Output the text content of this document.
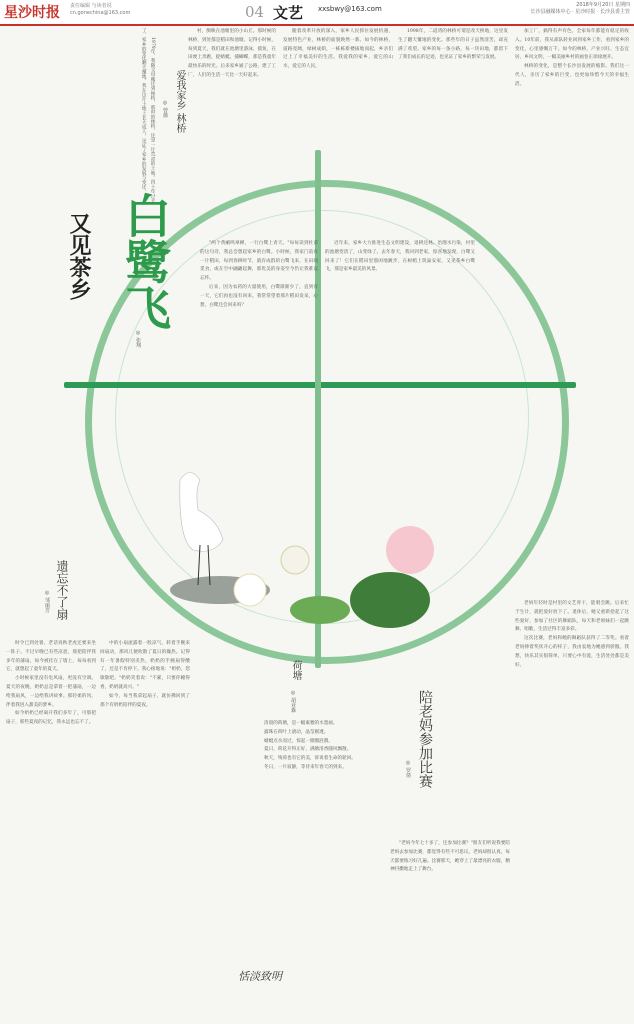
星沙时报 责任编辑 与读者说 cn.gonechina@163.com	04 文艺 xxsbwy@163.com	2018年9月20日 星期四
长沙县融媒体中心 · 星沙时报 · 长沙县委主管
爱我家乡 林桥
◎ 曾薇

1979年，我随父母搬迁到林桥，那时的林桥，还是一片荒凉的土地。四十年过去了，家乡的变化翻天覆地，我在这片土地上长大成人，见证了家乡的发展与变迁。	村，倒映在池塘里的小山丘。那时候的林桥，到处都是稻田和池塘。记得小时候，每到夏天，我们就在池塘里游泳、摸鱼，在田埂上奔跑，捉蜻蜓、捕蝴蝶，那是我童年最快乐的时光。后来家乡通了公路，建了工厂，人们的生活一天比一天好起来。

随着改革开放的深入，家乡人民抓住发展机遇，发展特色产业，林桥的面貌焕然一新。如今的林桥，道路宽阔，绿树成荫，一栋栋新楼拔地而起，乡亲们过上了幸福美好的生活。我爱我的家乡，爱它的山水，爱它的人民。

1998年，二道湾的林桥可谓是改天换地，这里发生了翻天覆地的变化。那些年的日子虽然清苦，却充满了希望。家乡的每一条小路，每一块田地，都留下了我们成长的足迹，也见证了家乡的繁荣与发展。

加工厂，搞得有声有色，全家每年都能有稳定的收入。10年前，我从部队转业回到家乡工作，看到家乡的变化，心里感慨万千。如今的林桥，产业兴旺、生态宜居、乡风文明，一幅美丽乡村的画卷正徐徐展开。

林桥的变化，是整个长沙县发展的缩影。我们这一代人，亲历了家乡的巨变，也更加珍惜今天的幸福生活。

又见茶乡 白鹭飞
◎ 张翔

"两个黄鹂鸣翠柳，一行白鹭上青天。"每每读到杜甫的这句诗，我总会想起家乡的白鹭。小时候，我家门前有一片稻田，每到春耕时节，就有成群的白鹭飞来，在田间觅食，或在空中翩翩起舞，那优美的身姿至今仍让我难以忘怀。

后来，因为农药的大量使用，白鹭渐渐少了，直到有一天，它们再也没有回来。我常常望着那片稻田发呆，心想，白鹭还会回来吗？

近年来，家乡大力推进生态文明建设，退耕还林、治理水污染，村里的池塘变清了，山变绿了。去年春天，我回到老家，惊喜地发现，白鹭又回来了！它们在稻田里悠闲地踱步，在树梢上筑巢安家，又见茶乡白鹭飞，那是家乡最美的风景。

遗忘不了扇
◎ 邹丽芳

时令已到处暑，老话说秋老虎还要来坐一阵子。不过早晚已有些凉意，那把陪伴我多年的蒲扇，如今被挂在了墙上，每每看到它，就想起了童年的夏天。

小时候家里没有电风扇，更没有空调。夏天的夜晚，奶奶总是拿着一把蒲扇，一边给我扇风，一边给我讲故事。那轻柔的风，伴着我进入甜美的梦乡。

如今奶奶已经离开我们多年了，可那把扇子，那些夏夜的记忆，我永远也忘不了。

中的小扇流露着一股凉气，转着手腕来回扇动，那风儿便吹散了夏日的燥热。记得有一年暑假特别炎热，奶奶的手腕扇得酸了，还是不肯停下。我心疼地说："奶奶，您歇歇吧。"奶奶笑着说："不累，只要你睡得香，奶奶就高兴。"

如今，每当我拿起扇子，就仿佛回到了那个有奶奶陪伴的夏夜。

荷塘
◎ 胡业森

清晨的荷塘，是一幅素雅的水墨画。

露珠在荷叶上滚动，晶莹剔透。

蜻蜓点水而过，惊起一圈圈涟漪。

夏日，荷花开得正好，满塘清香随风飘散。

秋天，残荷也有它的美，诉说着生命的轮回。

冬日，一片寂静，等待来年春天的到来。	陪老妈参加比赛
◎ 罗倩

"老妈今年七十多了，还参加比赛？"朋友们听说我要陪老妈去参加比赛，都觉得有些不可思议。老妈却很认真，每天都要练习好几遍。比赛那天，她穿上了最漂亮的衣服，精神抖擞地走上了舞台。

老妈年轻时是村里的文艺骨干，能唱会跳。后来忙于生计，就把爱好放下了。退休后，她又重新拾起了这些爱好，参加了社区的舞蹈队，每天和老姐妹们一起跳舞、唱歌，生活过得丰富多彩。

这次比赛，老妈和她的舞蹈队获得了二等奖。看着老妈捧着奖状开心的样子，我由衷地为她感到骄傲。我想，快乐其实很简单，只要心中有爱，生活处处都是美好。

恬淡致明
